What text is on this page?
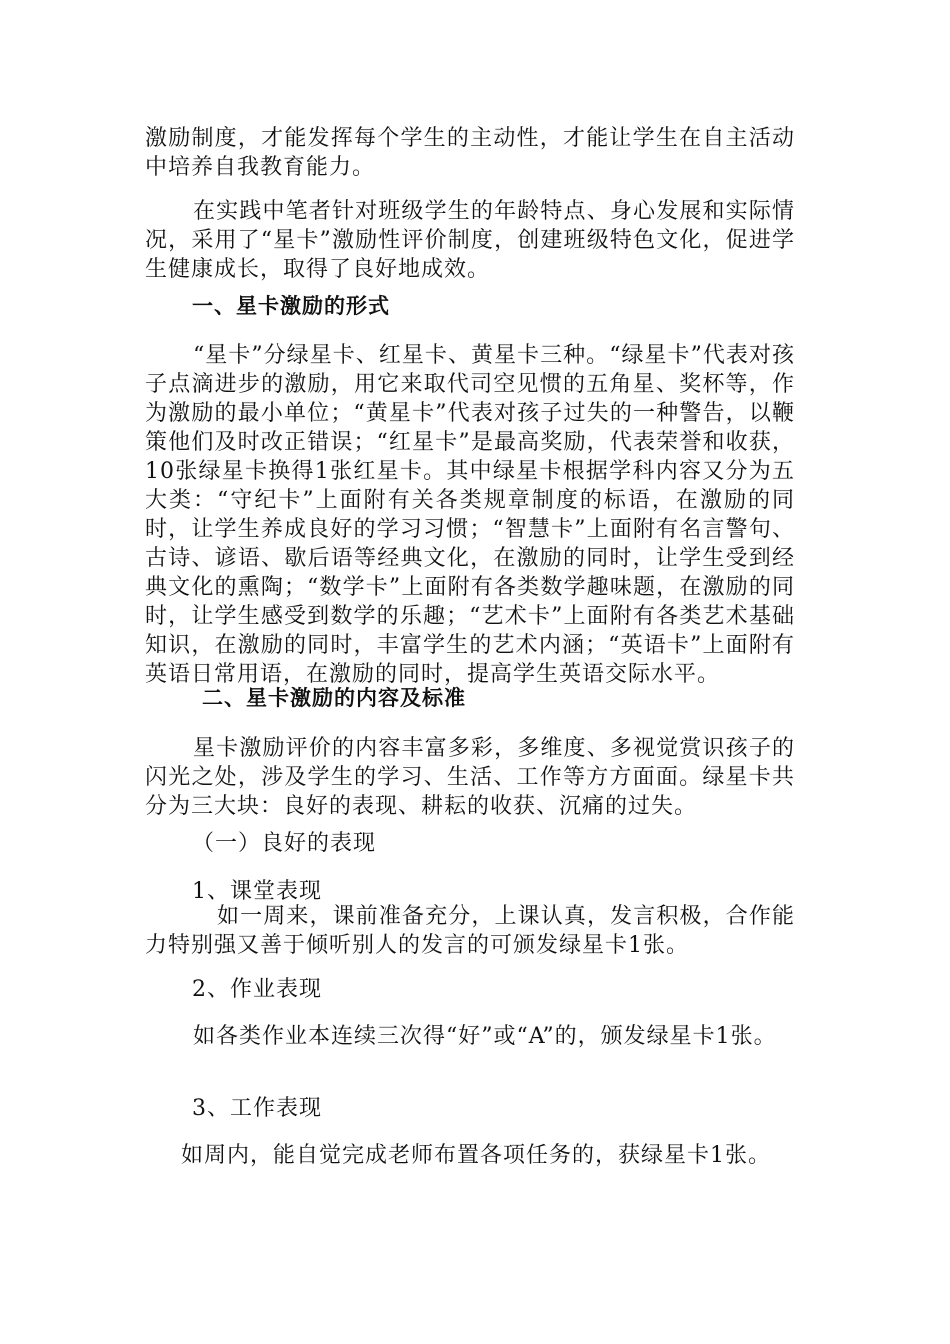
激励制度，才能发挥每个学生的主动性，才能让学生在自主活动中培养自我教育能力。

在实践中笔者针对班级学生的年龄特点、身心发展和实际情况，采用了“星卡”激励性评价制度，创建班级特色文化，促进学生健康成长，取得了良好地成效。

一、星卡激励的形式

“星卡”分绿星卡、红星卡、黄星卡三种。“绿星卡”代表对孩子点滴进步的激励，用它来取代司空见惯的五角星、奖杯等，作为激励的最小单位；“黄星卡”代表对孩子过失的一种警告，以鞭策他们及时改正错误；“红星卡”是最高奖励，代表荣誉和收获，10张绿星卡换得1张红星卡。其中绿星卡根据学科内容又分为五大类：“守纪卡”上面附有关各类规章制度的标语，在激励的同时，让学生养成良好的学习习惯；“智慧卡”上面附有名言警句、古诗、谚语、歇后语等经典文化，在激励的同时，让学生受到经典文化的熏陶；“数学卡”上面附有各类数学趣味题，在激励的同时，让学生感受到数学的乐趣；“艺术卡”上面附有各类艺术基础知识，在激励的同时，丰富学生的艺术内涵；“英语卡”上面附有英语日常用语，在激励的同时，提高学生英语交际水平。

二、星卡激励的内容及标准

星卡激励评价的内容丰富多彩，多维度、多视觉赏识孩子的闪光之处，涉及学生的学习、生活、工作等方方面面。绿星卡共分为三大块：良好的表现、耕耘的收获、沉痛的过失。

（一）良好的表现

1、课堂表现

如一周来，课前准备充分，上课认真，发言积极，合作能力特别强又善于倾听别人的发言的可颁发绿星卡1张。

2、作业表现

如各类作业本连续三次得“好”或“A”的，颁发绿星卡1张。

3、工作表现

如周内，能自觉完成老师布置各项任务的，获绿星卡1张。
